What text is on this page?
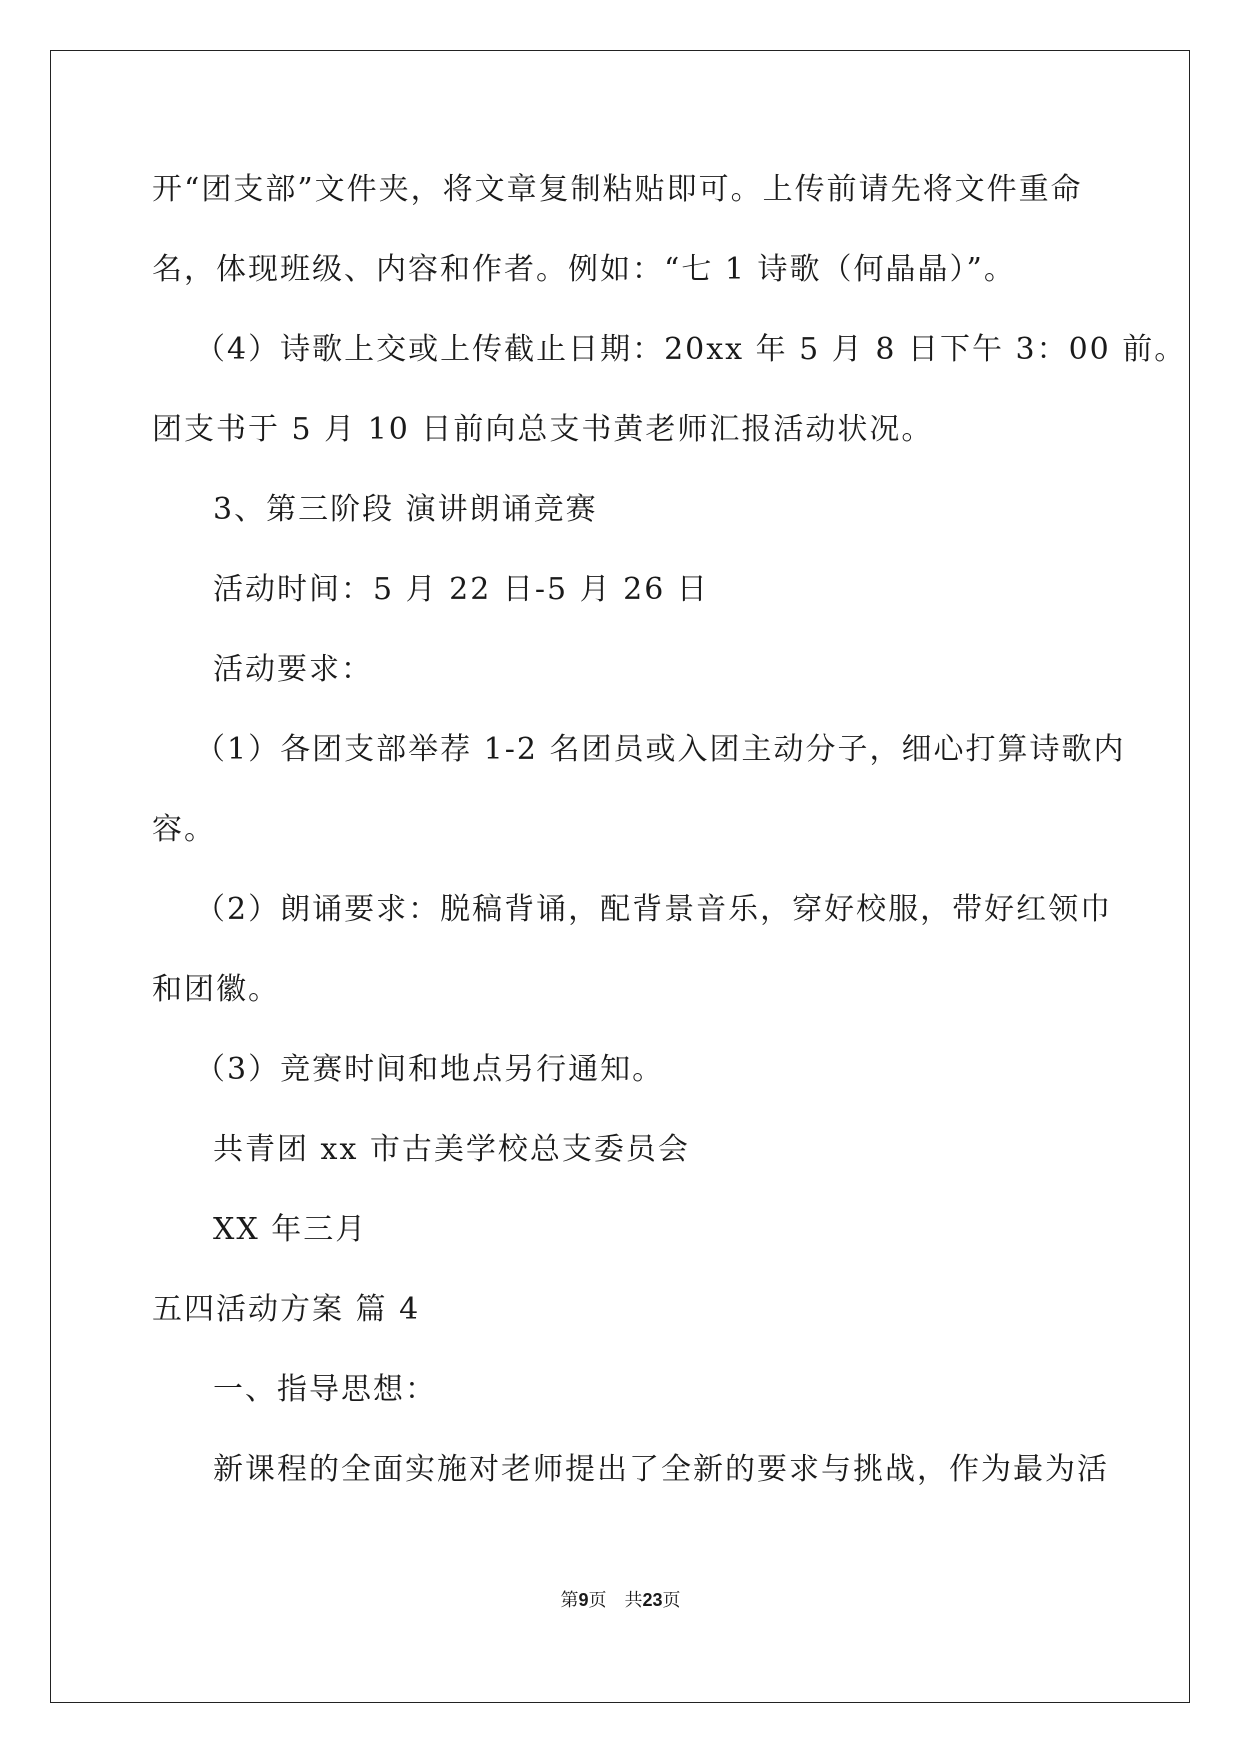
开“团支部”文件夹，将文章复制粘贴即可。上传前请先将文件重命
名，体现班级、内容和作者。例如：“七 1 诗歌（何晶晶）”。
（4）诗歌上交或上传截止日期：20xx 年 5 月 8 日下午 3：00 前。
团支书于 5 月 10 日前向总支书黄老师汇报活动状况。
3、第三阶段 演讲朗诵竞赛
活动时间：5 月 22 日-5 月 26 日
活动要求：
（1）各团支部举荐 1-2 名团员或入团主动分子，细心打算诗歌内
容。
（2）朗诵要求：脱稿背诵，配背景音乐，穿好校服，带好红领巾
和团徽。
（3）竞赛时间和地点另行通知。
共青团 xx 市古美学校总支委员会
XX 年三月
五四活动方案 篇 4
一、指导思想：
新课程的全面实施对老师提出了全新的要求与挑战，作为最为活
第9页 共23页
